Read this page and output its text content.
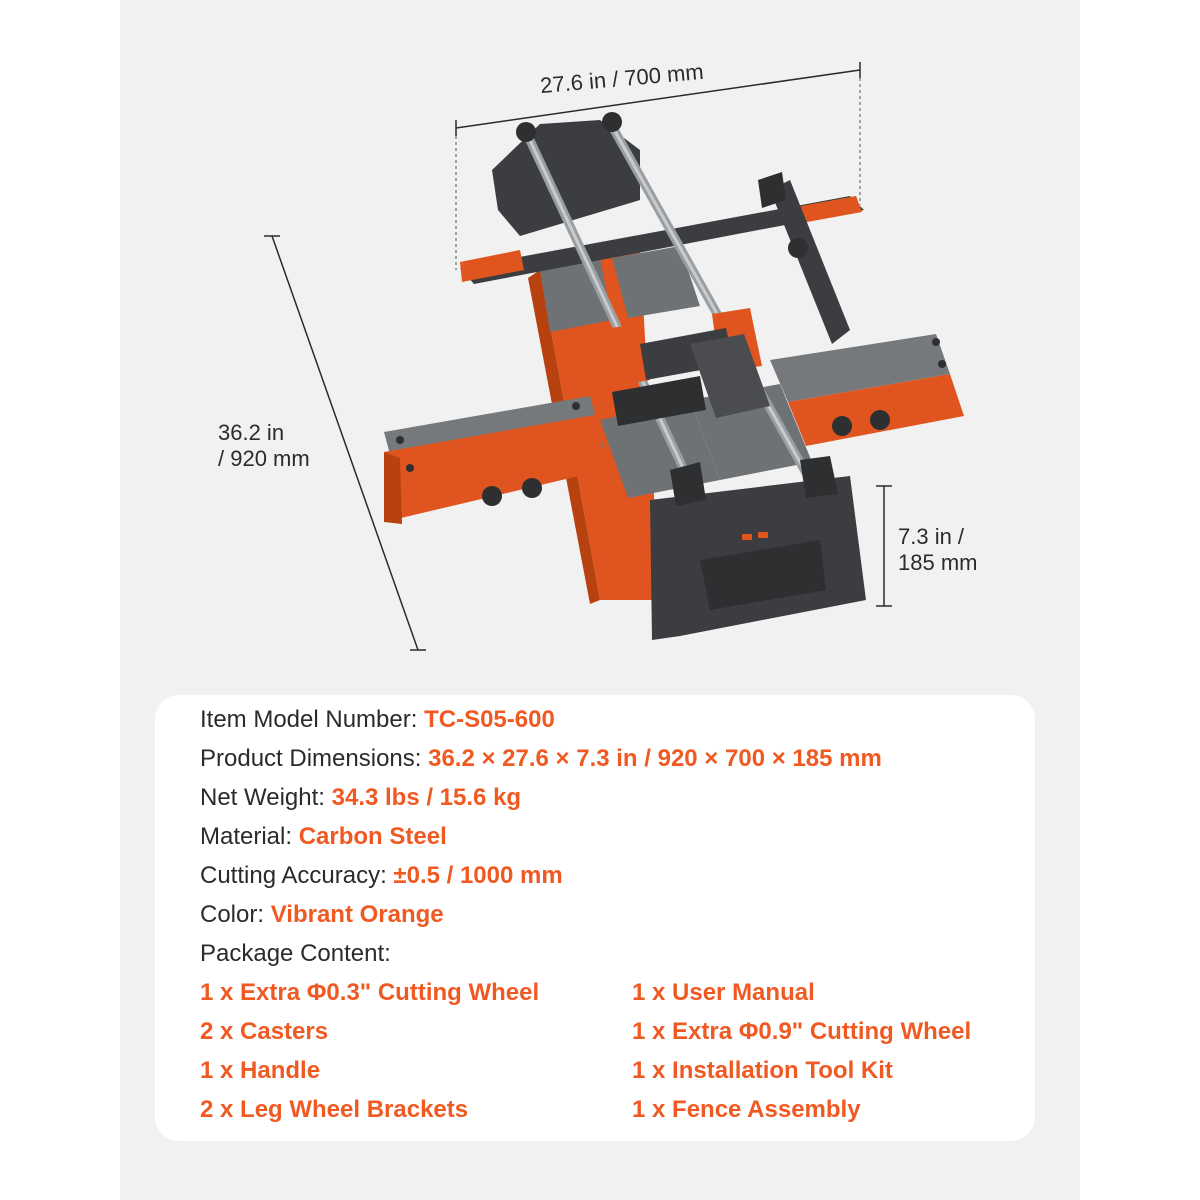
27.6 in / 700 mm
36.2 in
/ 920 mm
7.3 in /
185 mm
Item Model Number: TC-S05-600
Product Dimensions: 36.2 × 27.6 × 7.3 in / 920 × 700 × 185 mm
Net Weight: 34.3 lbs / 15.6 kg
Material: Carbon Steel
Cutting Accuracy: ±0.5 / 1000 mm
Color: Vibrant Orange
Package Content:
1 x Extra Φ0.3" Cutting Wheel
2 x Casters
1 x Handle
2 x Leg Wheel Brackets
1 x User Manual
1 x Extra Φ0.9" Cutting Wheel
1 x Installation Tool Kit
1 x Fence Assembly
